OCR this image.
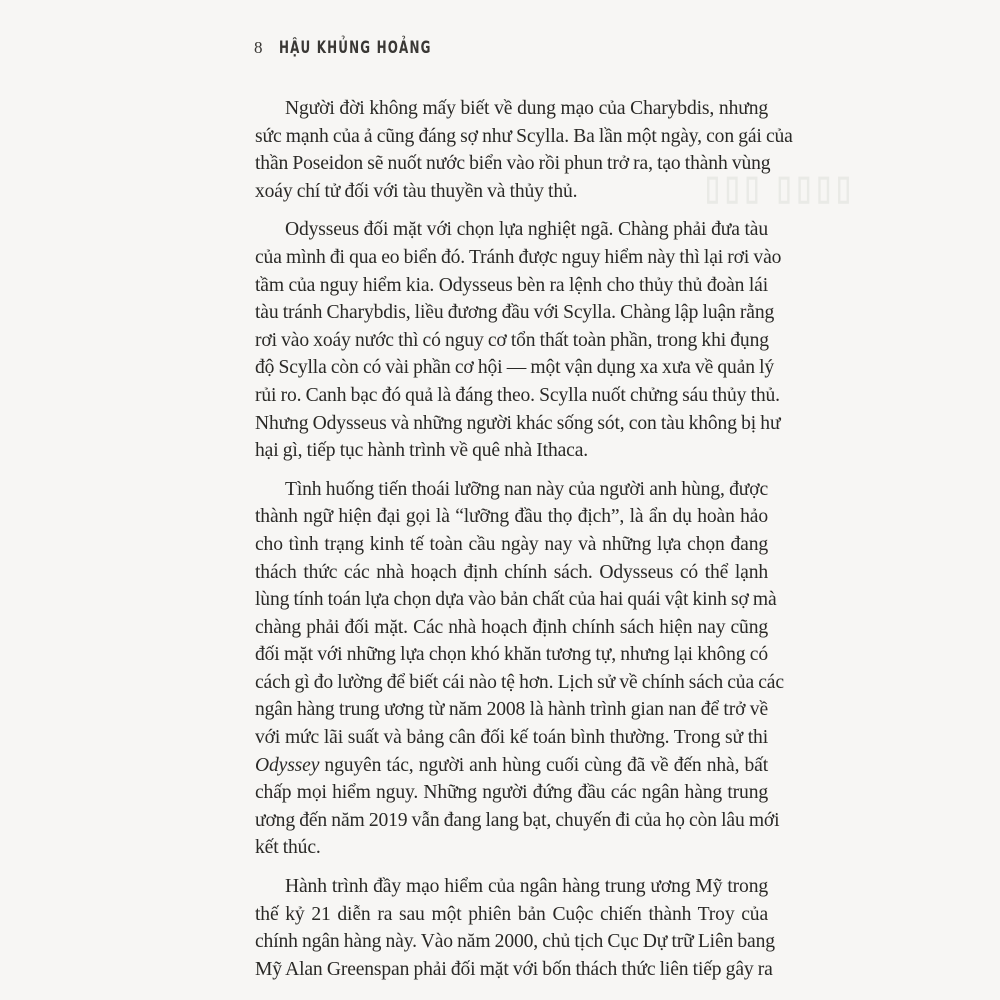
▯▯▯ ▯▯▯▯
8 HẬU KHỦNG HOẢNG
Người đời không mấy biết về dung mạo của Charybdis, nhưng
sức mạnh của ả cũng đáng sợ như Scylla. Ba lần một ngày, con gái của
thần Poseidon sẽ nuốt nước biển vào rồi phun trở ra, tạo thành vùng
xoáy chí tử đối với tàu thuyền và thủy thủ.
Odysseus đối mặt với chọn lựa nghiệt ngã. Chàng phải đưa tàu
của mình đi qua eo biển đó. Tránh được nguy hiểm này thì lại rơi vào
tầm của nguy hiểm kia. Odysseus bèn ra lệnh cho thủy thủ đoàn lái
tàu tránh Charybdis, liều đương đầu với Scylla. Chàng lập luận rằng
rơi vào xoáy nước thì có nguy cơ tổn thất toàn phần, trong khi đụng
độ Scylla còn có vài phần cơ hội — một vận dụng xa xưa về quản lý
rủi ro. Canh bạc đó quả là đáng theo. Scylla nuốt chửng sáu thủy thủ.
Nhưng Odysseus và những người khác sống sót, con tàu không bị hư
hại gì, tiếp tục hành trình về quê nhà Ithaca.
Tình huống tiến thoái lưỡng nan này của người anh hùng, được
thành ngữ hiện đại gọi là “lưỡng đầu thọ địch”, là ẩn dụ hoàn hảo
cho tình trạng kinh tế toàn cầu ngày nay và những lựa chọn đang
thách thức các nhà hoạch định chính sách. Odysseus có thể lạnh
lùng tính toán lựa chọn dựa vào bản chất của hai quái vật kinh sợ mà
chàng phải đối mặt. Các nhà hoạch định chính sách hiện nay cũng
đối mặt với những lựa chọn khó khăn tương tự, nhưng lại không có
cách gì đo lường để biết cái nào tệ hơn. Lịch sử về chính sách của các
ngân hàng trung ương từ năm 2008 là hành trình gian nan để trở về
với mức lãi suất và bảng cân đối kế toán bình thường. Trong sử thi
Odyssey nguyên tác, người anh hùng cuối cùng đã về đến nhà, bất
chấp mọi hiểm nguy. Những người đứng đầu các ngân hàng trung
ương đến năm 2019 vẫn đang lang bạt, chuyến đi của họ còn lâu mới
kết thúc.
Hành trình đầy mạo hiểm của ngân hàng trung ương Mỹ trong
thế kỷ 21 diễn ra sau một phiên bản Cuộc chiến thành Troy của
chính ngân hàng này. Vào năm 2000, chủ tịch Cục Dự trữ Liên bang
Mỹ Alan Greenspan phải đối mặt với bốn thách thức liên tiếp gây ra
